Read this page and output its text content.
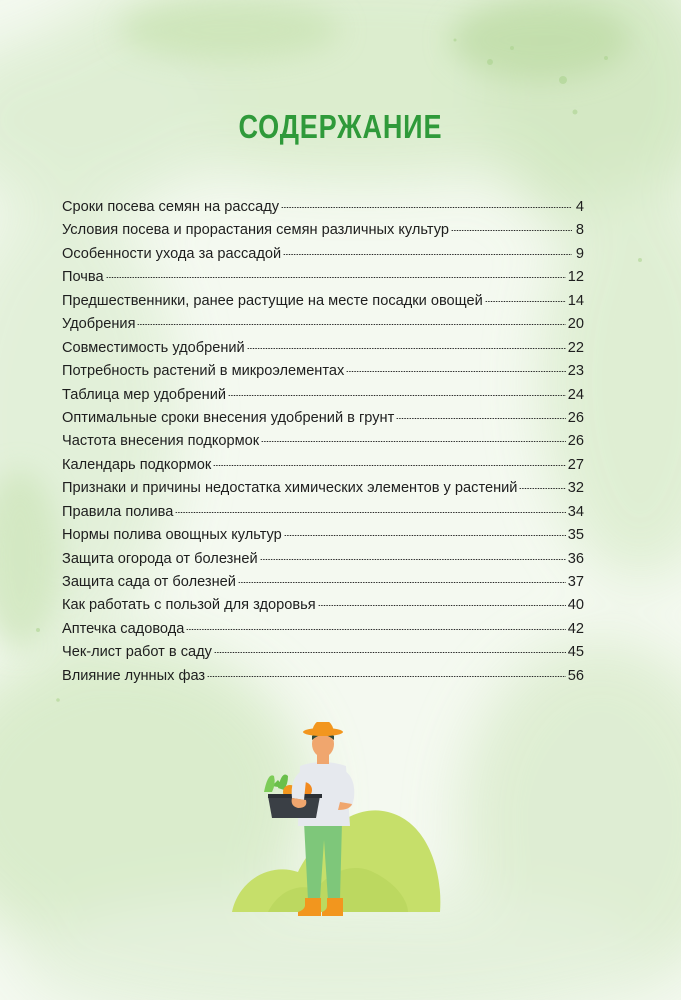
СОДЕРЖАНИЕ
Сроки посева семян на рассаду	4
Условия посева и прорастания семян различных культур	8
Особенности ухода за рассадой	9
Почва	12
Предшественники, ранее растущие на месте посадки овощей	14
Удобрения	20
Совместимость удобрений	22
Потребность растений в микроэлементах	23
Таблица мер удобрений	24
Оптимальные сроки внесения удобрений в грунт	26
Частота внесения подкормок	26
Календарь подкормок	27
Признаки и причины недостатка химических элементов у растений	32
Правила полива	34
Нормы полива овощных культур	35
Защита огорода от болезней	36
Защита сада от болезней	37
Как работать с пользой для здоровья	40
Аптечка садовода	42
Чек-лист работ в саду	45
Влияние лунных фаз	56
